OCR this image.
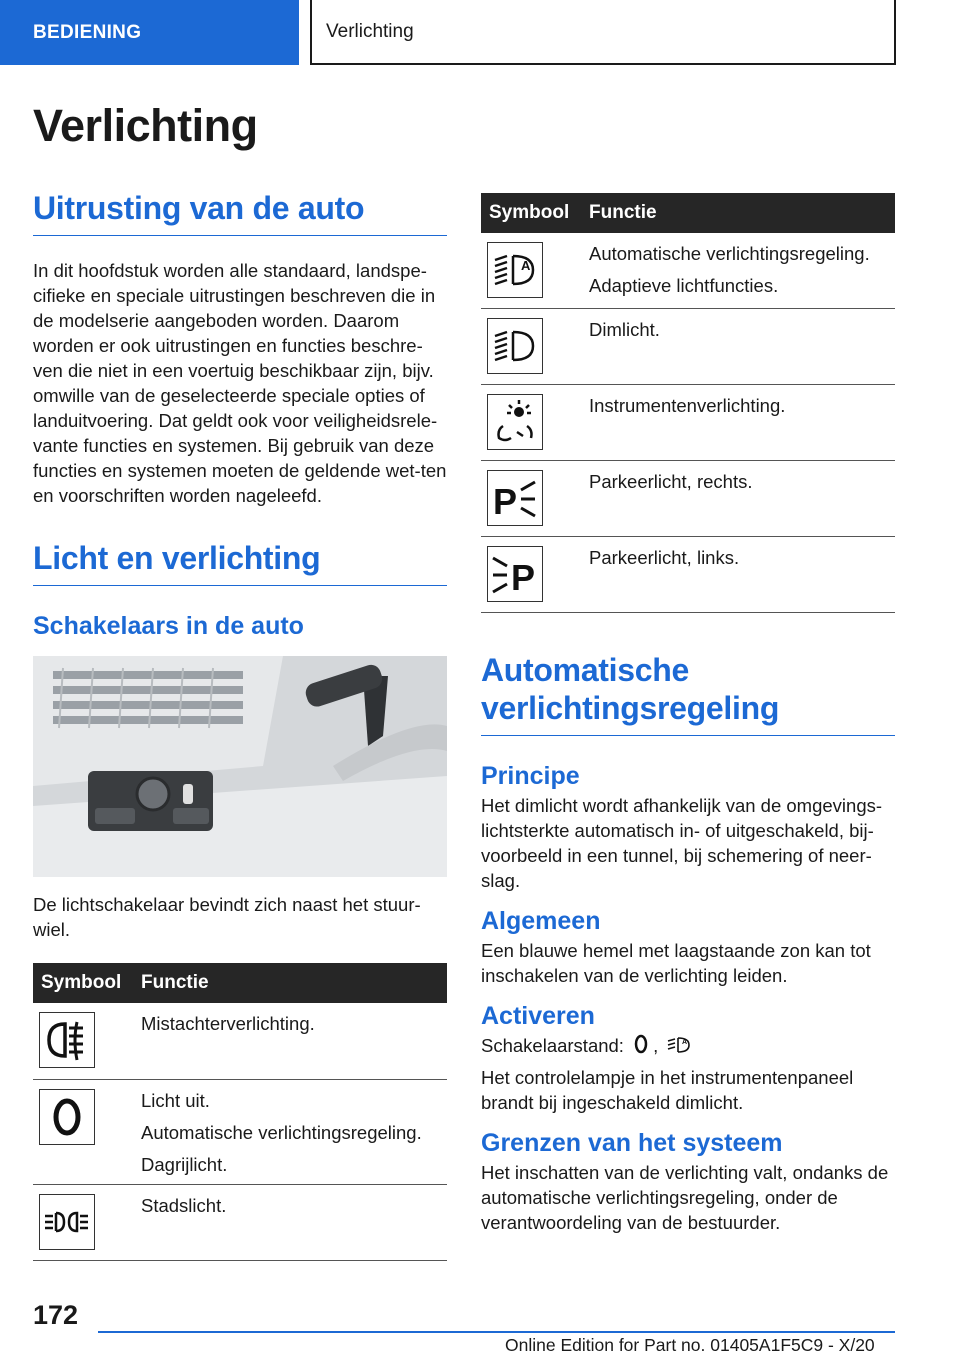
BEDIENING	Verlichting
Verlichting
Uitrusting van de auto
In dit hoofdstuk worden alle standaard, landspe-cifieke en speciale uitrustingen beschreven die in de modelserie aangeboden worden. Daarom worden er ook uitrustingen en functies beschre-ven die niet in een voertuig beschikbaar zijn, bijv. omwille van de geselecteerde speciale opties of landuitvoering. Dat geldt ook voor veiligheidsrele-vante functies en systemen. Bij gebruik van deze functies en systemen moeten de geldende wet-ten en voorschriften worden nageleefd.
Licht en verlichting
Schakelaars in de auto
De lichtschakelaar bevindt zich naast het stuur-wiel.
Symbool	Functie

Mistachterverlichting.

Licht uit.
Automatische verlichtingsregeling.
Dagrijlicht.

Stadslicht.
Symbool	Functie

A	Automatische verlichtingsregeling.
Adaptieve lichtfuncties.

Dimlicht.

Instrumentenverlichting.

P	Parkeerlicht, rechts.

P	Parkeerlicht, links.
Automatische
verlichtingsregeling
Principe
Het dimlicht wordt afhankelijk van de omgevings-lichtsterkte automatisch in- of uitgeschakeld, bij-voorbeeld in een tunnel, bij schemering of neer-slag.
Algemeen
Een blauwe hemel met laagstaande zon kan tot inschakelen van de verlichting leiden.
Activeren
Schakelaarstand: ,	A
Het controlelampje in het instrumentenpaneel brandt bij ingeschakeld dimlicht.
Grenzen van het systeem
Het inschatten van de verlichting valt, ondanks de automatische verlichtingsregeling, onder de verantwoordeling van de bestuurder.
172
Online Edition for Part no. 01405A1F5C9 - X/20
